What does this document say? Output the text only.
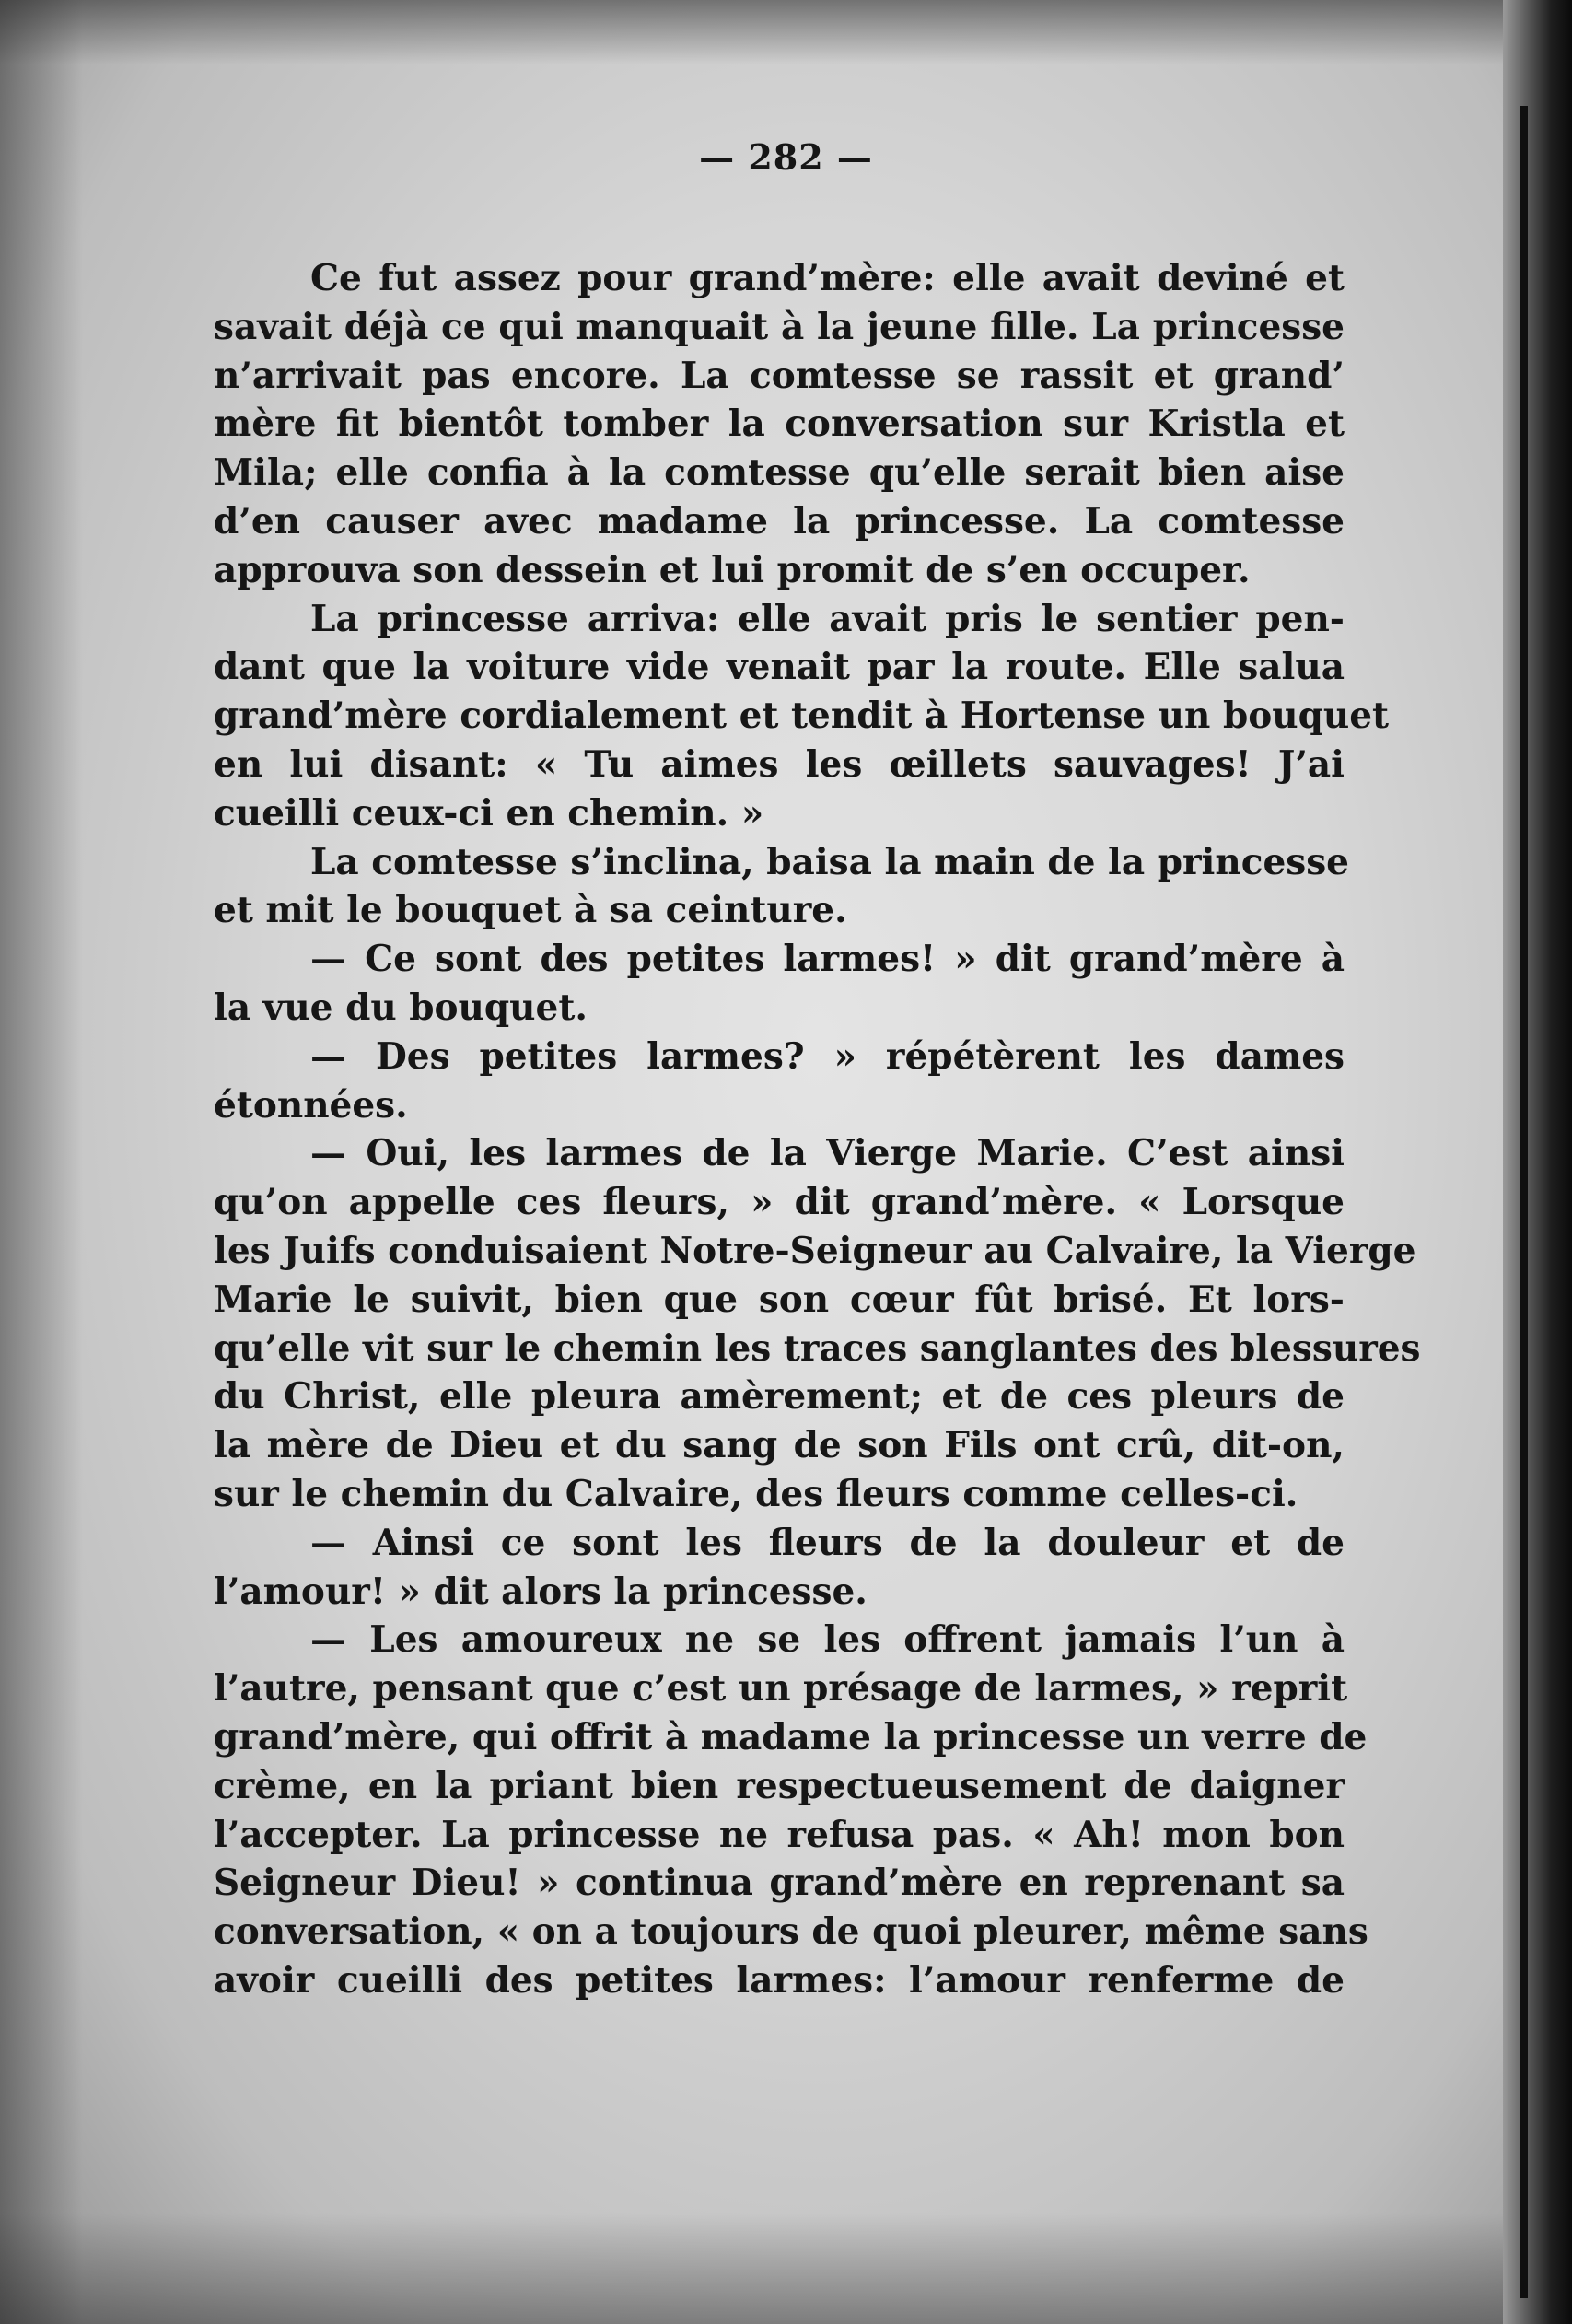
— 282 —
Ce fut assez pour grand’mère: elle avait deviné et
savait déjà ce qui manquait à la jeune fille. La princesse
n’arrivait pas encore. La comtesse se rassit et grand’
mère fit bientôt tomber la conversation sur Kristla et
Mila; elle confia à la comtesse qu’elle serait bien aise
d’en causer avec madame la princesse. La comtesse
approuva son dessein et lui promit de s’en occuper.
La princesse arriva: elle avait pris le sentier pen-
dant que la voiture vide venait par la route. Elle salua
grand’mère cordialement et tendit à Hortense un bouquet
en lui disant: « Tu aimes les œillets sauvages! J’ai
cueilli ceux-ci en chemin. »
La comtesse s’inclina, baisa la main de la princesse
et mit le bouquet à sa ceinture.
— Ce sont des petites larmes! » dit grand’mère à
la vue du bouquet.
— Des petites larmes? » répétèrent les dames
étonnées.
— Oui, les larmes de la Vierge Marie. C’est ainsi
qu’on appelle ces fleurs, » dit grand’mère. « Lorsque
les Juifs conduisaient Notre-Seigneur au Calvaire, la Vierge
Marie le suivit, bien que son cœur fût brisé. Et lors-
qu’elle vit sur le chemin les traces sanglantes des blessures
du Christ, elle pleura amèrement; et de ces pleurs de
la mère de Dieu et du sang de son Fils ont crû, dit-on,
sur le chemin du Calvaire, des fleurs comme celles-ci.
— Ainsi ce sont les fleurs de la douleur et de
l’amour! » dit alors la princesse.
— Les amoureux ne se les offrent jamais l’un à
l’autre, pensant que c’est un présage de larmes, » reprit
grand’mère, qui offrit à madame la princesse un verre de
crème, en la priant bien respectueusement de daigner
l’accepter. La princesse ne refusa pas. « Ah! mon bon
Seigneur Dieu! » continua grand’mère en reprenant sa
conversation, « on a toujours de quoi pleurer, même sans
avoir cueilli des petites larmes: l’amour renferme de
